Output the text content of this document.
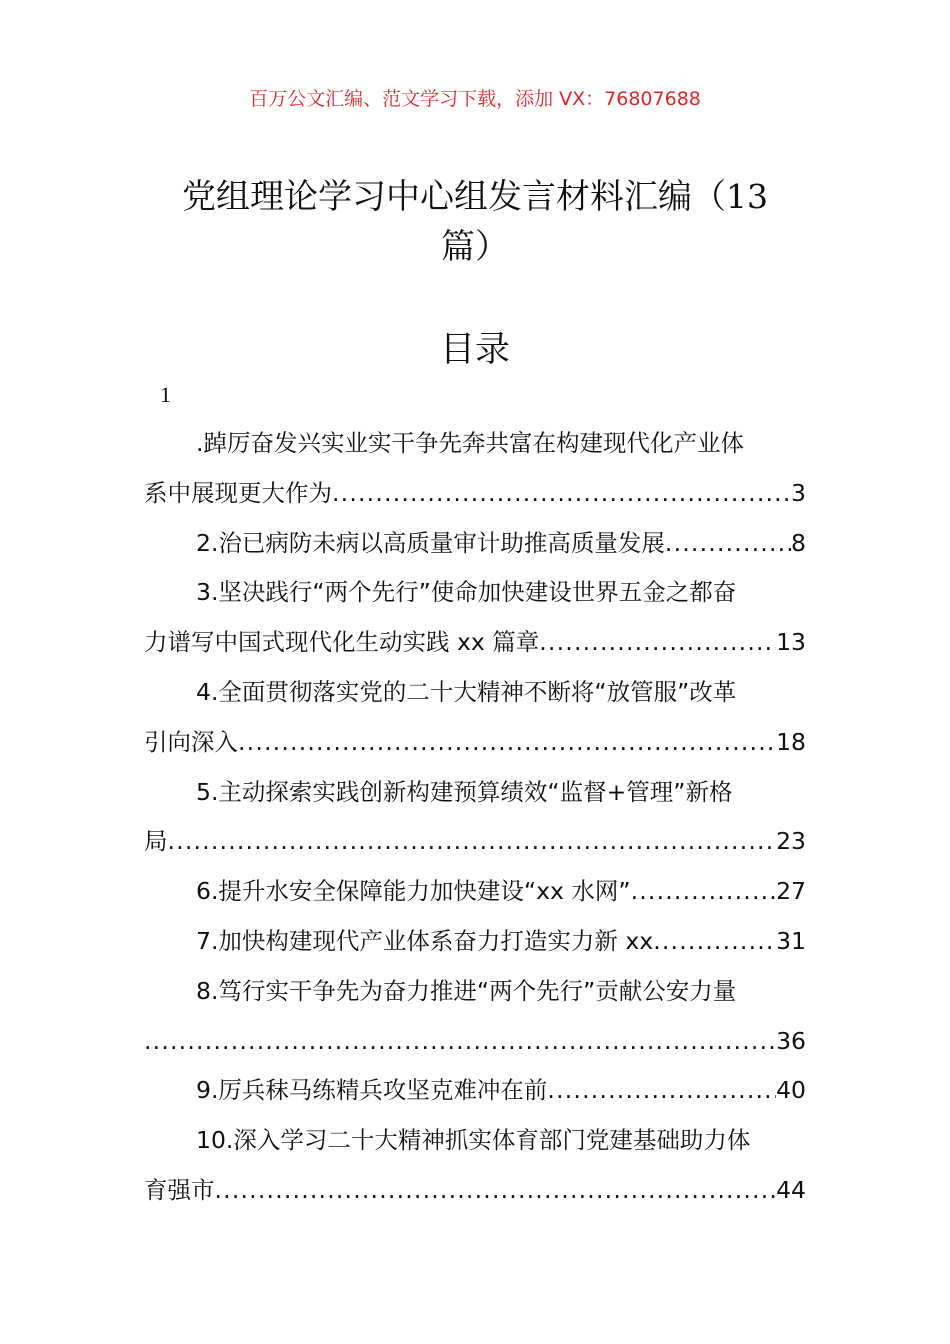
百万公文汇编、范文学习下载，添加 VX：76807688
党组理论学习中心组发言材料汇编（13
篇）
目录
1
.踔厉奋发兴实业实干争先奔共富在构建现代化产业体
系中展现更大作为 .....	3
2.治已病防未病以高质量审计助推高质量发展 .....	8
3.坚决践行“两个先行”使命加快建设世界五金之都奋
力谱写中国式现代化生动实践 xx 篇章 .....	13
4.全面贯彻落实党的二十大精神不断将“放管服”改革
引向深入 .....	18
5.主动探索实践创新构建预算绩效“监督+管理”新格
局 .....	23
6.提升水安全保障能力加快建设“xx 水网” .....	27
7.加快构建现代产业体系奋力打造实力新 xx .....	31
8.笃行实干争先为奋力推进“两个先行”贡献公安力量
.....
36
9.厉兵秣马练精兵攻坚克难冲在前 .....	40
10.深入学习二十大精神抓实体育部门党建基础助力体
育强市 .....	44
